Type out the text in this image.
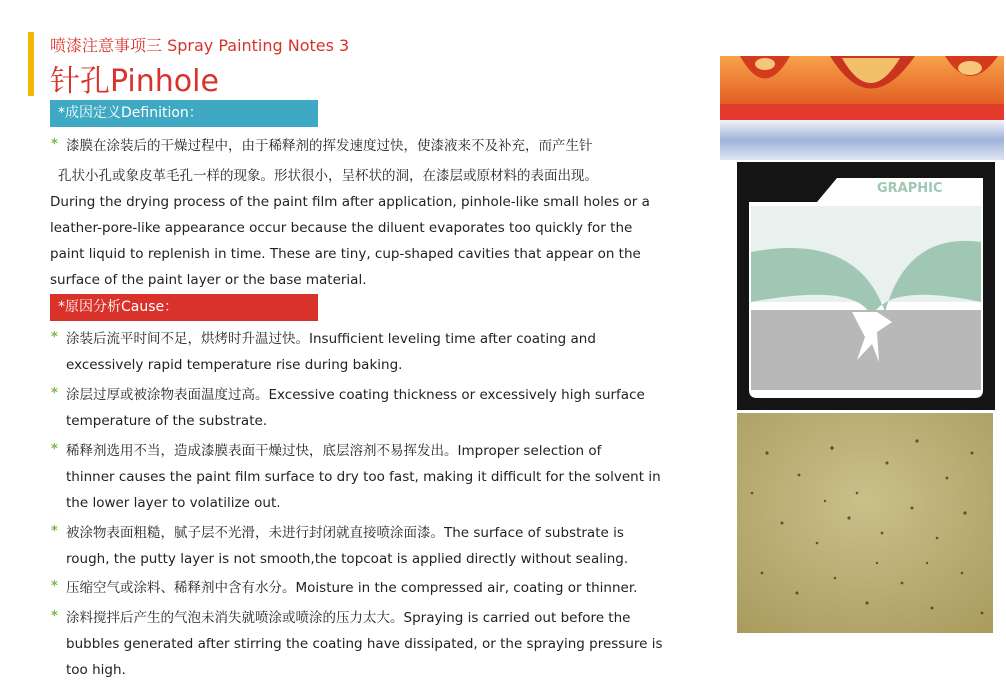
喷漆注意事项三 Spray Painting Notes 3
针孔Pinhole
*成因定义Definition：
* 漆膜在涂装后的干燥过程中，由于稀释剂的挥发速度过快，使漆液来不及补充，而产生针
孔状小孔或象皮革毛孔一样的现象。形状很小，呈杯状的洞，在漆层或原材料的表面出现。
During the drying process of the paint film after application, pinhole-like small holes or a
leather-pore-like appearance occur because the diluent evaporates too quickly for the
paint liquid to replenish in time. These are tiny, cup-shaped cavities that appear on the
surface of the paint layer or the base material.
*原因分析Cause：
* 涂装后流平时间不足，烘烤时升温过快。Insufficient leveling time after coating and
excessively rapid temperature rise during baking.
* 涂层过厚或被涂物表面温度过高。Excessive coating thickness or excessively high surface
temperature of the substrate.
* 稀释剂选用不当，造成漆膜表面干燥过快，底层溶剂不易挥发出。Improper selection of
thinner causes the paint film surface to dry too fast, making it difficult for the solvent in
the lower layer to volatilize out.
* 被涂物表面粗糙，腻子层不光滑，未进行封闭就直接喷涂面漆。The surface of substrate is
rough, the putty layer is not smooth,the topcoat is applied directly without sealing.
* 压缩空气或涂料、稀释剂中含有水分。Moisture in the compressed air, coating or thinner.
* 涂料搅拌后产生的气泡未消失就喷涂或喷涂的压力太大。Spraying is carried out before the
bubbles generated after stirring the coating have dissipated, or the spraying pressure is
too high.
GRAPHIC
